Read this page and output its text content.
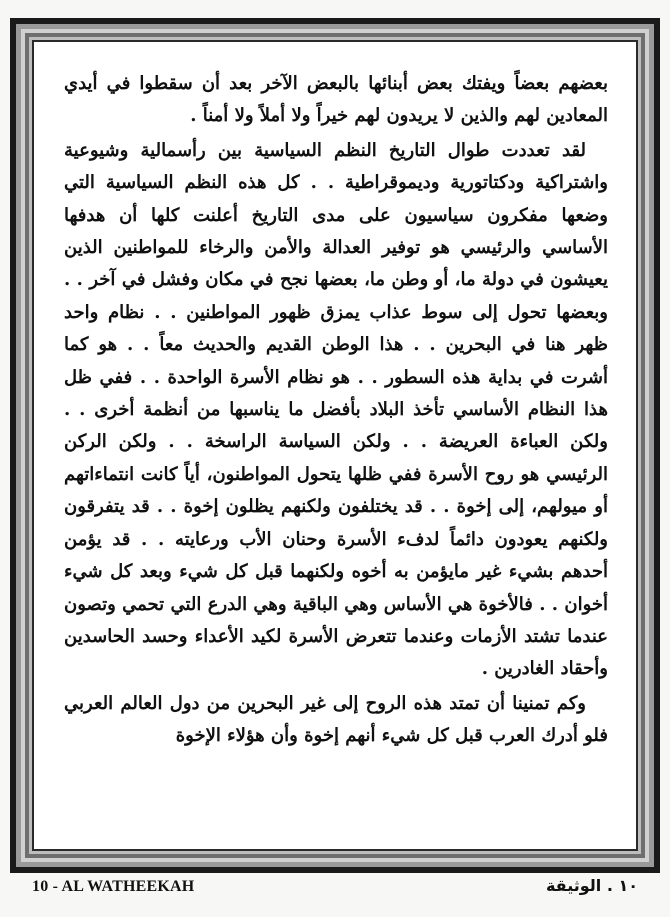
بعضهم بعضاً ويفتك بعض أبنائها بالبعض الآخر بعد أن سقطوا في أيدي المعادين لهم والذين لا يريدون لهم خيراً ولا أملاً ولا أمناً .

لقد تعددت طوال التاريخ النظم السياسية بين رأسمالية وشيوعية واشتراكية ودكتاتورية وديموقراطية . . كل هذه النظم السياسية التي وضعها مفكرون سياسيون على مدى التاريخ أعلنت كلها أن هدفها الأساسي والرئيسي هو توفير العدالة والأمن والرخاء للمواطنين الذين يعيشون في دولة ما، أو وطن ما، بعضها نجح في مكان وفشل في آخر . . وبعضها تحول إلى سوط عذاب يمزق ظهور المواطنين . . نظام واحد ظهر هنا في البحرين . . هذا الوطن القديم والحديث معاً . . هو كما أشرت في بداية هذه السطور . . هو نظام الأسرة الواحدة . . ففي ظل هذا النظام الأساسي تأخذ البلاد بأفضل ما يناسبها من أنظمة أخرى . . ولكن العباءة العريضة . . ولكن السياسة الراسخة . . ولكن الركن الرئيسي هو روح الأسرة ففي ظلها يتحول المواطنون، أياً كانت انتماءاتهم أو ميولهم، إلى إخوة . . قد يختلفون ولكنهم يظلون إخوة . . قد يتفرقون ولكنهم يعودون دائماً لدفء الأسرة وحنان الأب ورعايته . . قد يؤمن أحدهم بشيء غير مايؤمن به أخوه ولكنهما قبل كل شيء وبعد كل شيء أخوان . . فالأخوة هي الأساس وهي الباقية وهي الدرع التي تحمي وتصون عندما تشتد الأزمات وعندما تتعرض الأسرة لكيد الأعداء وحسد الحاسدين وأحقاد الغادرين .

وكم تمنينا أن تمتد هذه الروح إلى غير البحرين من دول العالم العربي فلو أدرك العرب قبل كل شيء أنهم إخوة وأن هؤلاء الإخوة

10 - AL WATHEEKAH	١٠ . الوثيقة
